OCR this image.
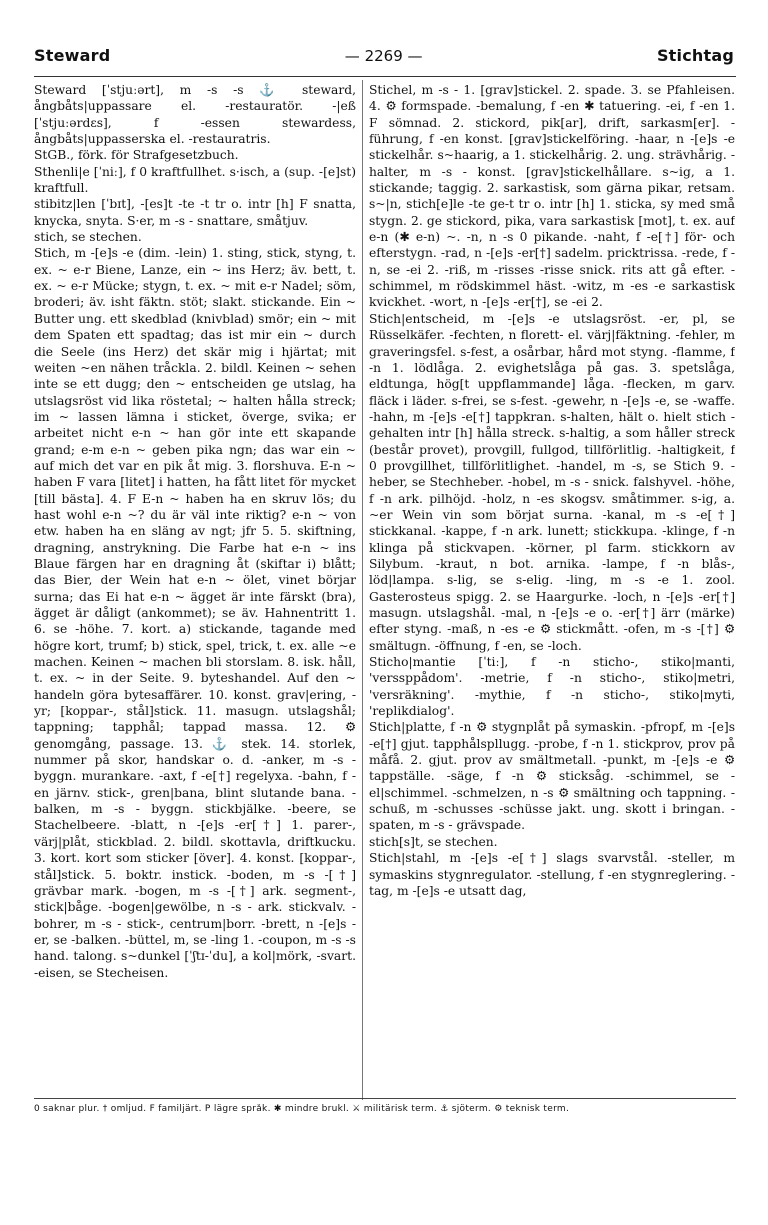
Steward	— 2269 —	Stichtag

Steward [ˈstjuːərt], m -s -s ⚓ steward, ångbåts|uppassare el. -restauratör. -|eß [ˈstjuːərdɛs], f -essen stewardess, ångbåts|uppasserska el. -restauratris.

StGB., förk. för Strafgesetzbuch.

Sthenli|e [ˈniː], f 0 kraftfullhet. s·isch, a (sup. -[e]st) kraftfull.

stibitz|len [ˈbɪt], -[es]t -te -t tr o. intr [h] F snatta, knycka, snyta. S·er, m -s - snattare, småtjuv.

stich, se stechen.

Stich, m -[e]s -e (dim. -lein) 1. sting, stick, styng, t. ex. ~ e-r Biene, Lanze, ein ~ ins Herz; äv. bett, t. ex. ~ e-r Mücke; stygn, t. ex. ~ mit e-r Nadel; söm, broderi; äv. isht fäktn. stöt; slakt. stickande. Ein ~ Butter ung. ett skedblad (knivblad) smör; ein ~ mit dem Spaten ett spadtag; das ist mir ein ~ durch die Seele (ins Herz) det skär mig i hjärtat; mit weiten ~en nähen tråckla. 2. bildl. Keinen ~ sehen inte se ett dugg; den ~ entscheiden ge utslag, ha utslagsröst vid lika röstetal; ~ halten hålla streck; im ~ lassen lämna i sticket, överge, svika; er arbeitet nicht e-n ~ han gör inte ett skapande grand; e-m e-n ~ geben pika ngn; das war ein ~ auf mich det var en pik åt mig. 3. florshuva. E-n ~ haben F vara [litet] i hatten, ha fått litet för mycket [till bästa]. 4. F E-n ~ haben ha en skruv lös; du hast wohl e-n ~? du är väl inte riktig? e-n ~ von etw. haben ha en släng av ngt; jfr 5. 5. skiftning, dragning, anstrykning. Die Farbe hat e-n ~ ins Blaue färgen har en dragning åt (skiftar i) blått; das Bier, der Wein hat e-n ~ ölet, vinet börjar surna; das Ei hat e-n ~ ägget är inte färskt (bra), ägget är dåligt (ankommet); se äv. Hahnentritt 1. 6. se -höhe. 7. kort. a) stickande, tagande med högre kort, trumf; b) stick, spel, trick, t. ex. alle ~e machen. Keinen ~ machen bli storslam. 8. isk. håll, t. ex. ~ in der Seite. 9. byteshandel. Auf den ~ handeln göra bytesaffärer. 10. konst. grav|ering, -yr; [koppar-, stål]stick. 11. masugn. utslagshål; tappning; tapphål; tappad massa. 12. ⚙ genomgång, passage. 13. ⚓ stek. 14. storlek, nummer på skor, handskar o. d. -anker, m -s - byggn. murankare. -axt, f -e[†] regelyxa. -bahn, f -en järnv. stick-, gren|bana, blint slutande bana. -balken, m -s - byggn. stickbjälke. -beere, se Stachelbeere. -blatt, n -[e]s -er[†] 1. parer-, värj|plåt, stickblad. 2. bildl. skottavla, driftkucku. 3. kort. kort som sticker [över]. 4. konst. [koppar-, stål]stick. 5. boktr. instick. -boden, m -s -[†] grävbar mark. -bogen, m -s -[†] ark. segment-, stick|båge. -bogen|gewölbe, n -s - ark. stickvalv. -bohrer, m -s - stick-, centrum|borr. -brett, n -[e]s -er, se -balken. -büttel, m, se -ling 1. -coupon, m -s -s hand. talong. s~dunkel [ˈʃtɪ-ˈdu], a kol|mörk, -svart. -eisen, se Stecheisen.

Stichel, m -s - 1. [grav]stickel. 2. spade. 3. se Pfahleisen. 4. ⚙ formspade. -bemalung, f -en ✱ tatuering. -ei, f -en 1. F sömnad. 2. stickord, pik[ar], drift, sarkasm[er]. -führung, f -en konst. [grav]stickelföring. -haar, n -[e]s -e stickelhår. s~haarig, a 1. stickelhårig. 2. ung. strävhårig. -halter, m -s - konst. [grav]stickelhållare. s~ig, a 1. stickande; taggig. 2. sarkastisk, som gärna pikar, retsam. s~|n, stich[e]le -te ge-t tr o. intr [h] 1. sticka, sy med små stygn. 2. ge stickord, pika, vara sarkastisk [mot], t. ex. auf e-n (✱ e-n) ~. -n, n -s 0 pikande. -naht, f -e[†] för- och efterstygn. -rad, n -[e]s -er[†] sadelm. pricktrissa. -rede, f -n, se -ei 2. -riß, m -risses -risse snick. rits att gå efter. -schimmel, m rödskimmel häst. -witz, m -es -e sarkastisk kvickhet. -wort, n -[e]s -er[†], se -ei 2.

Stich|entscheid, m -[e]s -e utslagsröst. -er, pl, se Rüsselkäfer. -fechten, n florett- el. värj|fäktning. -fehler, m graveringsfel. s-fest, a osårbar, hård mot styng. -flamme, f -n 1. lödlåga. 2. evighetslåga på gas. 3. spetslåga, eldtunga, hög[t uppflammande] låga. -flecken, m garv. fläck i läder. s-frei, se s-fest. -gewehr, n -[e]s -e, se -waffe. -hahn, m -[e]s -e[†] tappkran. s-halten, hält o. hielt stich -gehalten intr [h] hålla streck. s-haltig, a som håller streck (består provet), provgill, fullgod, tillförlitlig. -haltigkeit, f 0 provgillhet, tillförlitlighet. -handel, m -s, se Stich 9. -heber, se Stechheber. -hobel, m -s - snick. falshyvel. -höhe, f -n ark. pilhöjd. -holz, n -es skogsv. småtimmer. s-ig, a. ~er Wein vin som börjat surna. -kanal, m -s -e[†] stickkanal. -kappe, f -n ark. lunett; stickkupa. -klinge, f -n klinga på stickvapen. -körner, pl farm. stickkorn av Silybum. -kraut, n bot. arnika. -lampe, f -n blås-, löd|lampa. s-lig, se s-elig. -ling, m -s -e 1. zool. Gasterosteus spigg. 2. se Haargurke. -loch, n -[e]s -er[†] masugn. utslagshål. -mal, n -[e]s -e o. -er[†] ärr (märke) efter styng. -maß, n -es -e ⚙ stickmått. -ofen, m -s -[†] ⚙ smältugn. -öffnung, f -en, se -loch.

Sticho|mantie [ˈtiː], f -n sticho-, stiko|manti, 'verssppådom'. -metrie, f -n sticho-, stiko|metri, 'versräkning'. -mythie, f -n sticho-, stiko|myti, 'replikdialog'.

Stich|platte, f -n ⚙ stygnplåt på symaskin. -pfropf, m -[e]s -e[†] gjut. tapphålspllugg. -probe, f -n 1. stickprov, prov på måfå. 2. gjut. prov av smältmetall. -punkt, m -[e]s -e ⚙ tappställe. -säge, f -n ⚙ sticksåg. -schimmel, se -el|schimmel. -schmelzen, n -s ⚙ smältning och tappning. -schuß, m -schusses -schüsse jakt. ung. skott i bringan. -spaten, m -s - grävspade.

stich[s]t, se stechen.

Stich|stahl, m -[e]s -e[†] slags svarvstål. -steller, m symaskins stygnregulator. -stellung, f -en stygnreglering. -tag, m -[e]s -e utsatt dag,

0 saknar plur. † omljud. F familjärt. P lägre språk. ✱ mindre brukl. ⚔ militärisk term. ⚓ sjöterm. ⚙ teknisk term.
